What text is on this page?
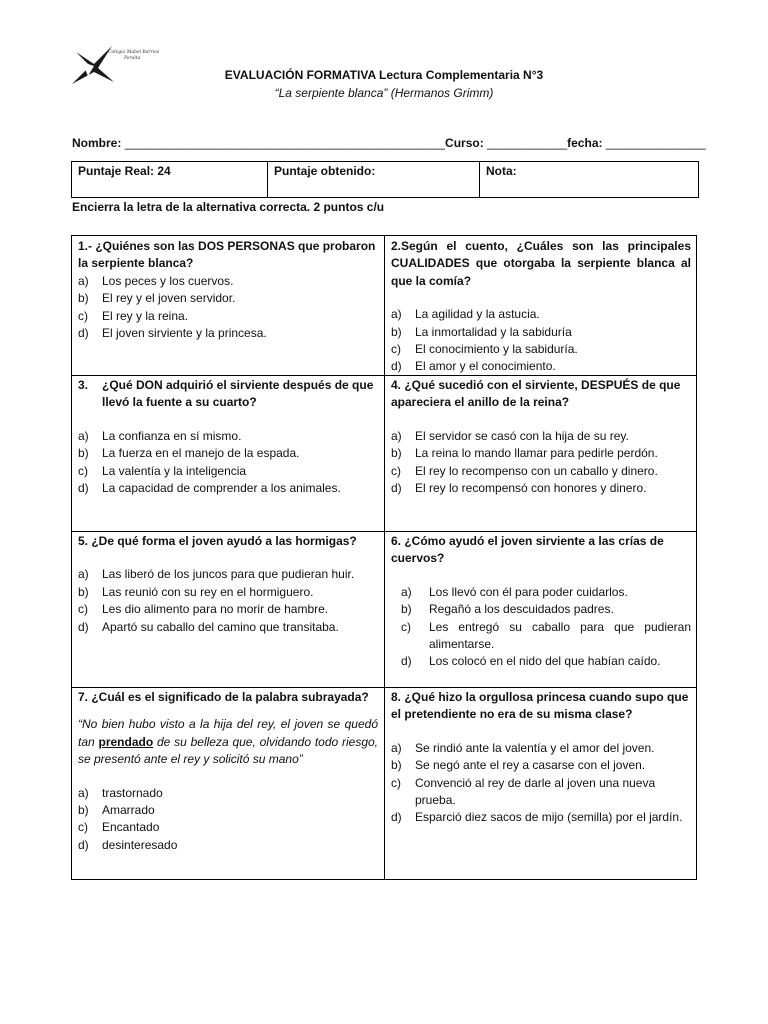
Colegio Mabel Barrios
Peralta
EVALUACIÓN FORMATIVA Lectura Complementaria N°3
“La serpiente blanca” (Hermanos Grimm)
Nombre: ________________________________________________Curso: ____________fecha: _______________
Puntaje Real: 24	Puntaje obtenido:	Nota:
Encierra la letra de la alternativa correcta. 2 puntos c/u

1.- ¿Quiénes son las DOS PERSONAS que probaron la serpiente blanca?

a)	Los peces y los cuervos.
b)	El rey y el joven servidor.
c)	El rey y la reina.
d)	El joven sirviente y la princesa.

2.Según el cuento, ¿Cuáles son las principales CUALIDADES que otorgaba la serpiente blanca al que la comía?

a)	La agilidad y la astucia.
b)	La inmortalidad y la sabiduría
c)	El conocimiento y la sabiduría.
d)	El amor y el conocimiento.
3.	¿Qué DON adquirió el sirviente después de que llevó la fuente a su cuarto?

a)	La confianza en sí mismo.
b)	La fuerza en el manejo de la espada.
c)	La valentía y la inteligencia
d)	La capacidad de comprender a los animales.

4. ¿Qué sucedió con el sirviente, DESPUÉS de que apareciera el anillo de la reina?

a)	El servidor se casó con la hija de su rey.
b)	La reina lo mando llamar para pedirle perdón.
c)	El rey lo recompenso con un caballo y dinero.
d)	El rey lo recompensó con honores y dinero.

5. ¿De qué forma el joven ayudó a las hormigas?

a)	Las liberó de los juncos para que pudieran huir.
b)	Las reunió con su rey en el hormiguero.
c)	Les dio alimento para no morir de hambre.
d)	Apartó su caballo del camino que transitaba.

6. ¿Cómo ayudó el joven sirviente a las crías de cuervos?

a)	Los llevó con él para poder cuidarlos.
b)	Regañó a los descuidados padres.
c)	Les entregó su caballo para que pudieran alimentarse.
d)	Los colocó en el nido del que habían caído.

7. ¿Cuál es el significado de la palabra subrayada?

“No bien hubo visto a la hija del rey, el joven se quedó tan prendado de su belleza que, olvidando todo riesgo, se presentó ante el rey y solicitó su mano”

a)	trastornado
b)	Amarrado
c)	Encantado
d)	desinteresado

8. ¿Qué hizo la orgullosa princesa cuando supo que el pretendiente no era de su misma clase?

a)	Se rindió ante la valentía y el amor del joven.
b)	Se negó ante el rey a casarse con el joven.
c)	Convenció al rey de darle al joven una nueva prueba.
d)	Esparció diez sacos de mijo (semilla) por el jardín.
